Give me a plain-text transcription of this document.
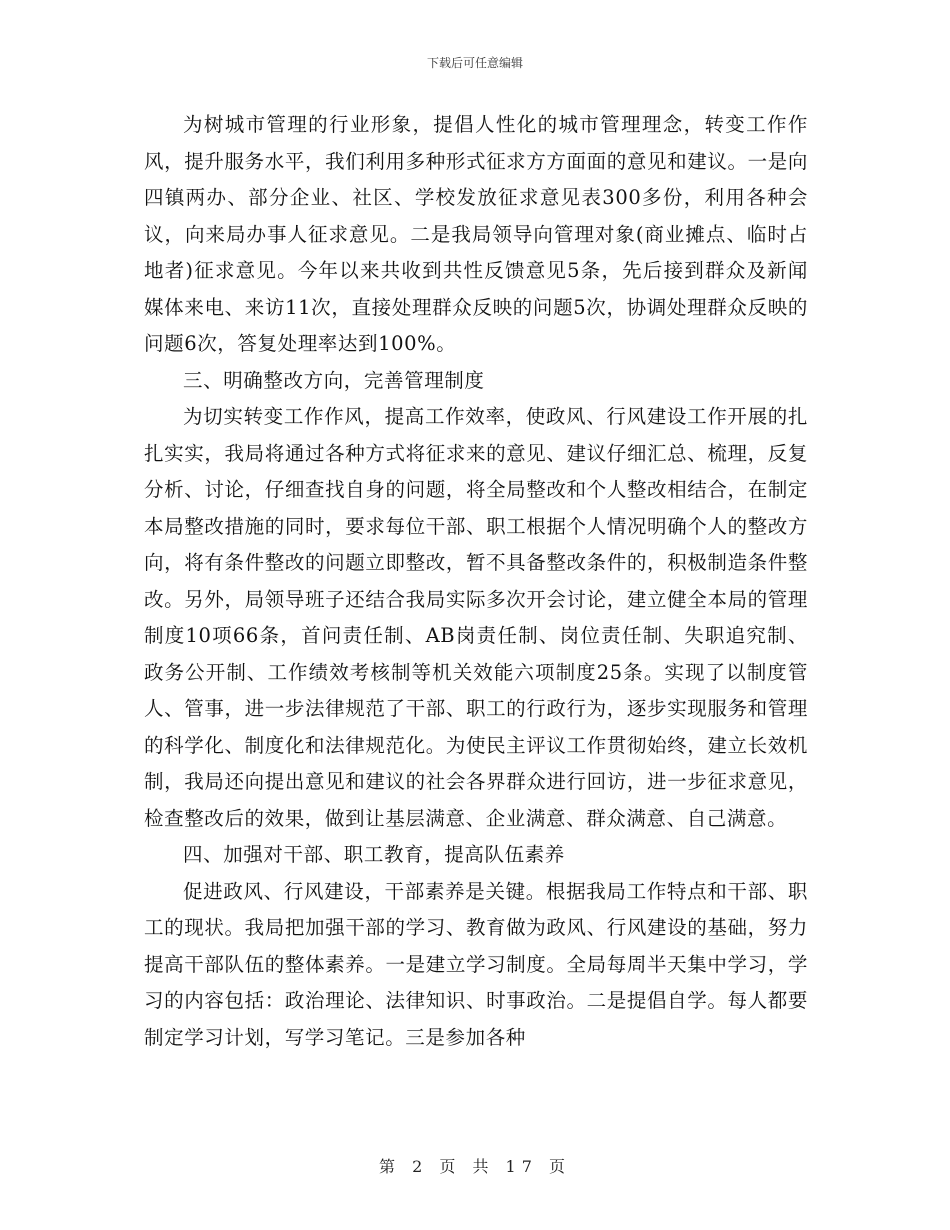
下载后可任意编辑

为树城市管理的行业形象，提倡人性化的城市管理理念，转变工作作风，提升服务水平，我们利用多种形式征求方方面面的意见和建议。一是向四镇两办、部分企业、社区、学校发放征求意见表300多份，利用各种会议，向来局办事人征求意见。二是我局领导向管理对象(商业摊点、临时占地者)征求意见。今年以来共收到共性反馈意见5条，先后接到群众及新闻媒体来电、来访11次，直接处理群众反映的问题5次，协调处理群众反映的问题6次，答复处理率达到100%。

三、明确整改方向，完善管理制度

为切实转变工作作风，提高工作效率，使政风、行风建设工作开展的扎扎实实，我局将通过各种方式将征求来的意见、建议仔细汇总、梳理，反复分析、讨论，仔细查找自身的问题，将全局整改和个人整改相结合，在制定本局整改措施的同时，要求每位干部、职工根据个人情况明确个人的整改方向，将有条件整改的问题立即整改，暂不具备整改条件的，积极制造条件整改。另外，局领导班子还结合我局实际多次开会讨论，建立健全本局的管理制度10项66条，首问责任制、AB岗责任制、岗位责任制、失职追究制、政务公开制、工作绩效考核制等机关效能六项制度25条。实现了以制度管人、管事，进一步法律规范了干部、职工的行政行为，逐步实现服务和管理的科学化、制度化和法律规范化。为使民主评议工作贯彻始终，建立长效机制，我局还向提出意见和建议的社会各界群众进行回访，进一步征求意见，检查整改后的效果，做到让基层满意、企业满意、群众满意、自己满意。

四、加强对干部、职工教育，提高队伍素养

促进政风、行风建设，干部素养是关键。根据我局工作特点和干部、职工的现状。我局把加强干部的学习、教育做为政风、行风建设的基础，努力提高干部队伍的整体素养。一是建立学习制度。全局每周半天集中学习，学习的内容包括：政治理论、法律知识、时事政治。二是提倡自学。每人都要制定学习计划，写学习笔记。三是参加各种

第 2 页 共 17 页
